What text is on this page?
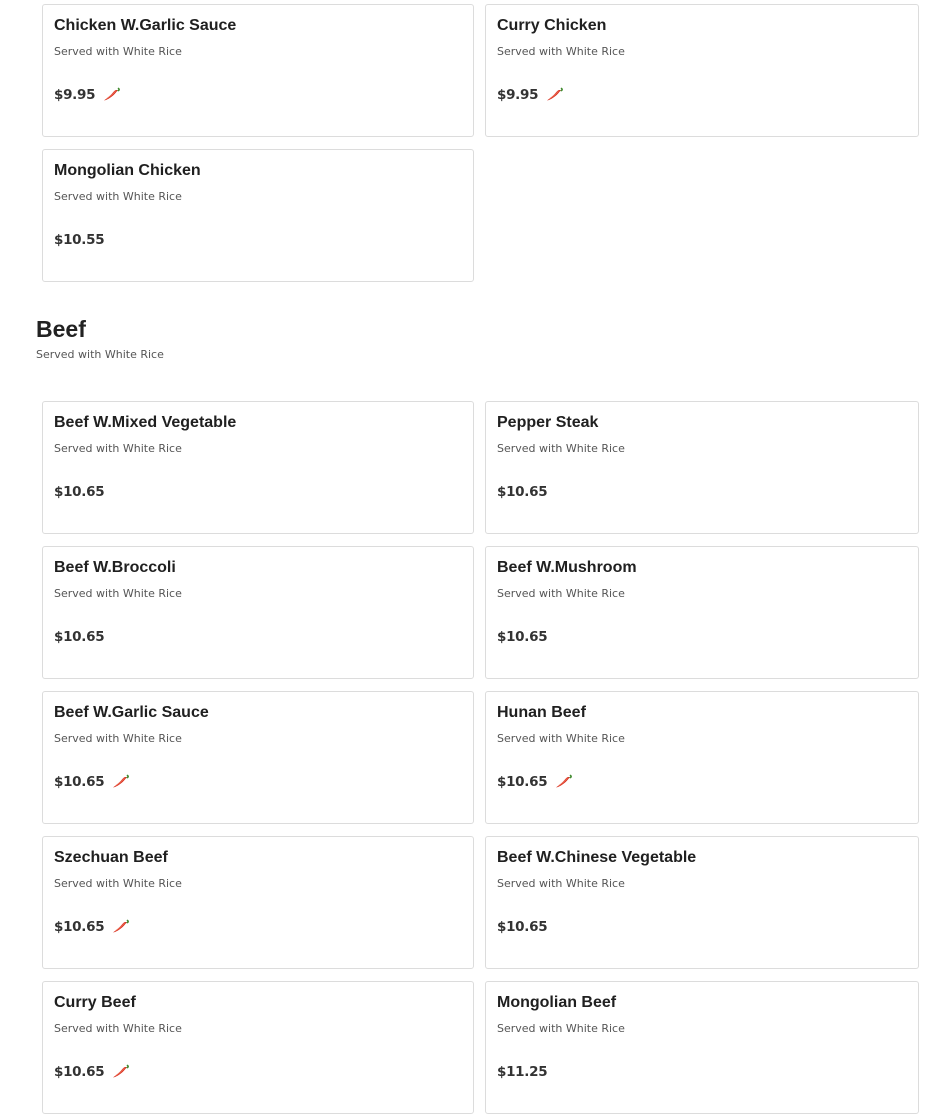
Chicken W.Garlic Sauce
Served with White Rice
$9.95
Curry Chicken
Served with White Rice
$9.95
Mongolian Chicken
Served with White Rice
$10.55
Beef
Served with White Rice
Beef W.Mixed Vegetable
Served with White Rice
$10.65
Pepper Steak
Served with White Rice
$10.65
Beef W.Broccoli
Served with White Rice
$10.65
Beef W.Mushroom
Served with White Rice
$10.65
Beef W.Garlic Sauce
Served with White Rice
$10.65
Hunan Beef
Served with White Rice
$10.65
Szechuan Beef
Served with White Rice
$10.65
Beef W.Chinese Vegetable
Served with White Rice
$10.65
Curry Beef
Served with White Rice
$10.65
Mongolian Beef
Served with White Rice
$11.25
